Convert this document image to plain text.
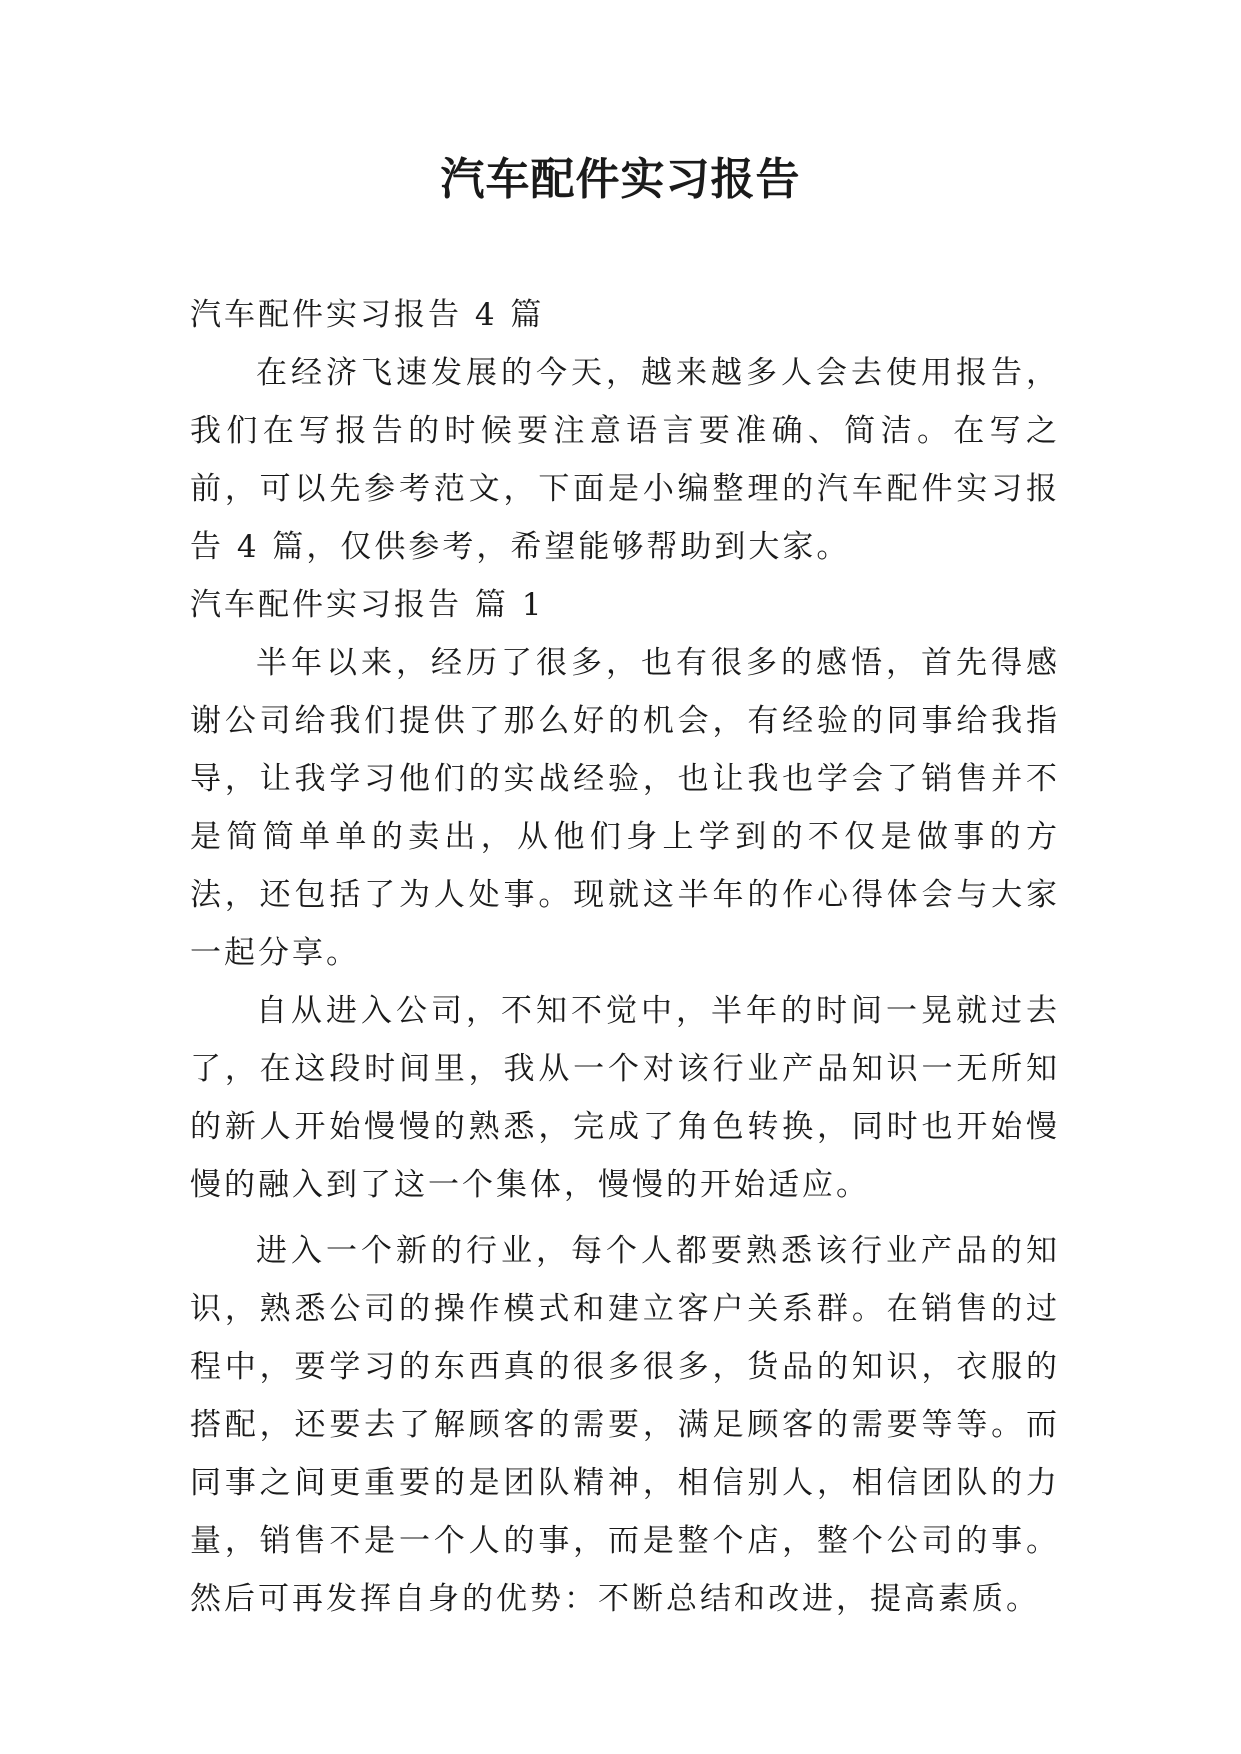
汽车配件实习报告

汽车配件实习报告 4 篇

在经济飞速发展的今天，越来越多人会去使用报告，我们在写报告的时候要注意语言要准确、简洁。在写之前，可以先参考范文，下面是小编整理的汽车配件实习报告 4 篇，仅供参考，希望能够帮助到大家。

汽车配件实习报告 篇 1

半年以来，经历了很多，也有很多的感悟，首先得感谢公司给我们提供了那么好的机会，有经验的同事给我指导，让我学习他们的实战经验，也让我也学会了销售并不是简简单单的卖出，从他们身上学到的不仅是做事的方法，还包括了为人处事。现就这半年的作心得体会与大家一起分享。

自从进入公司，不知不觉中，半年的时间一晃就过去了，在这段时间里，我从一个对该行业产品知识一无所知的新人开始慢慢的熟悉，完成了角色转换，同时也开始慢慢的融入到了这一个集体，慢慢的开始适应。

进入一个新的行业，每个人都要熟悉该行业产品的知识，熟悉公司的操作模式和建立客户关系群。在销售的过程中，要学习的东西真的很多很多，货品的知识，衣服的搭配，还要去了解顾客的需要，满足顾客的需要等等。而同事之间更重要的是团队精神，相信别人，相信团队的力量，销售不是一个人的事，而是整个店，整个公司的事。然后可再发挥自身的优势：不断总结和改进，提高素质。
